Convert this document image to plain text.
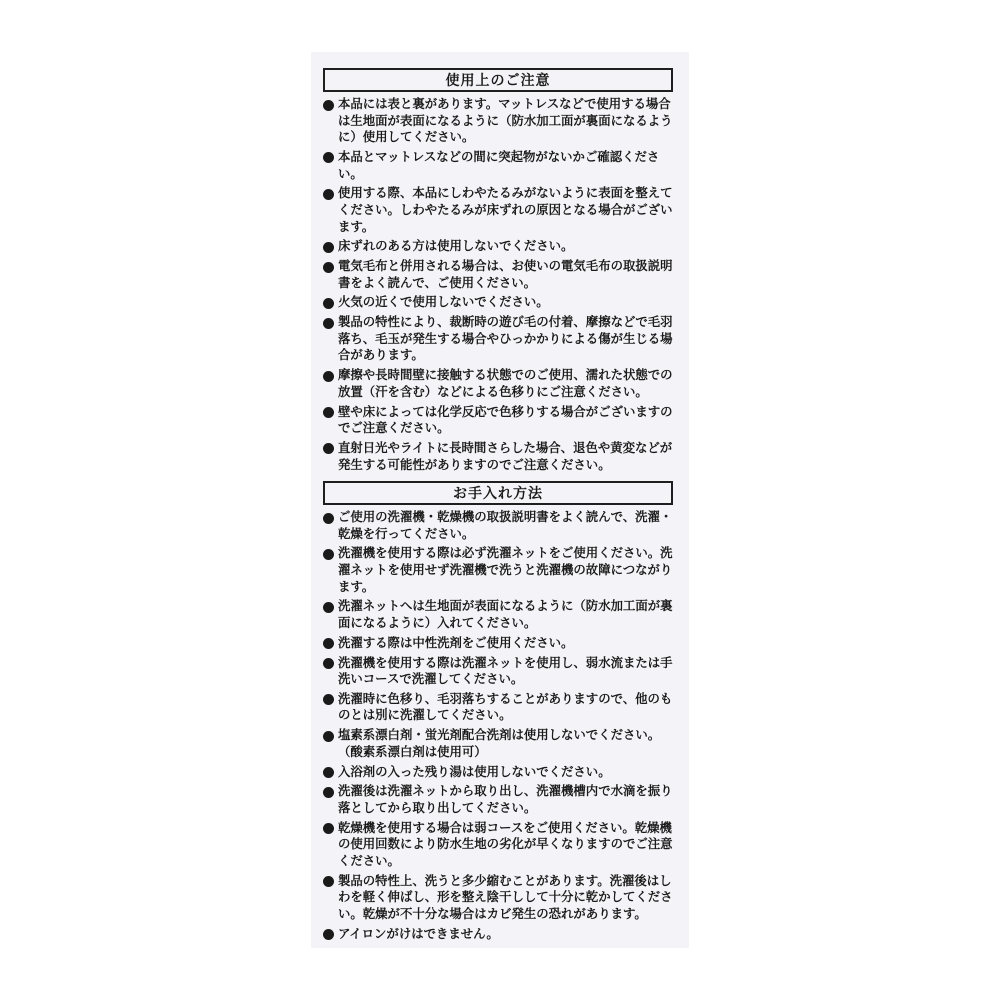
使用上のご注意
本品には表と裏があります。マットレスなどで使用する場合は生地面が表面になるように（防水加工面が裏面になるように）使用してください。
本品とマットレスなどの間に突起物がないかご確認ください。
使用する際、本品にしわやたるみがないように表面を整えてください。しわやたるみが床ずれの原因となる場合がございます。
床ずれのある方は使用しないでください。
電気毛布と併用される場合は、お使いの電気毛布の取扱説明書をよく読んで、ご使用ください。
火気の近くで使用しないでください。
製品の特性により、裁断時の遊び毛の付着、摩擦などで毛羽落ち、毛玉が発生する場合やひっかかりによる傷が生じる場合があります。
摩擦や長時間壁に接触する状態でのご使用、濡れた状態での放置（汗を含む）などによる色移りにご注意ください。
壁や床によっては化学反応で色移りする場合がございますのでご注意ください。
直射日光やライトに長時間さらした場合、退色や黄変などが発生する可能性がありますのでご注意ください。
お手入れ方法
ご使用の洗濯機・乾燥機の取扱説明書をよく読んで、洗濯・乾燥を行ってください。
洗濯機を使用する際は必ず洗濯ネットをご使用ください。洗濯ネットを使用せず洗濯機で洗うと洗濯機の故障につながります。
洗濯ネットへは生地面が表面になるように（防水加工面が裏面になるように）入れてください。
洗濯する際は中性洗剤をご使用ください。
洗濯機を使用する際は洗濯ネットを使用し、弱水流または手洗いコースで洗濯してください。
洗濯時に色移り、毛羽落ちすることがありますので、他のものとは別に洗濯してください。
塩素系漂白剤・蛍光剤配合洗剤は使用しないでください。（酸素系漂白剤は使用可）
入浴剤の入った残り湯は使用しないでください。
洗濯後は洗濯ネットから取り出し、洗濯機槽内で水滴を振り落としてから取り出してください。
乾燥機を使用する場合は弱コースをご使用ください。乾燥機の使用回数により防水生地の劣化が早くなりますのでご注意ください。
製品の特性上、洗うと多少縮むことがあります。洗濯後はしわを軽く伸ばし、形を整え陰干しして十分に乾かしてください。乾燥が不十分な場合はカビ発生の恐れがあります。
アイロンがけはできません。
